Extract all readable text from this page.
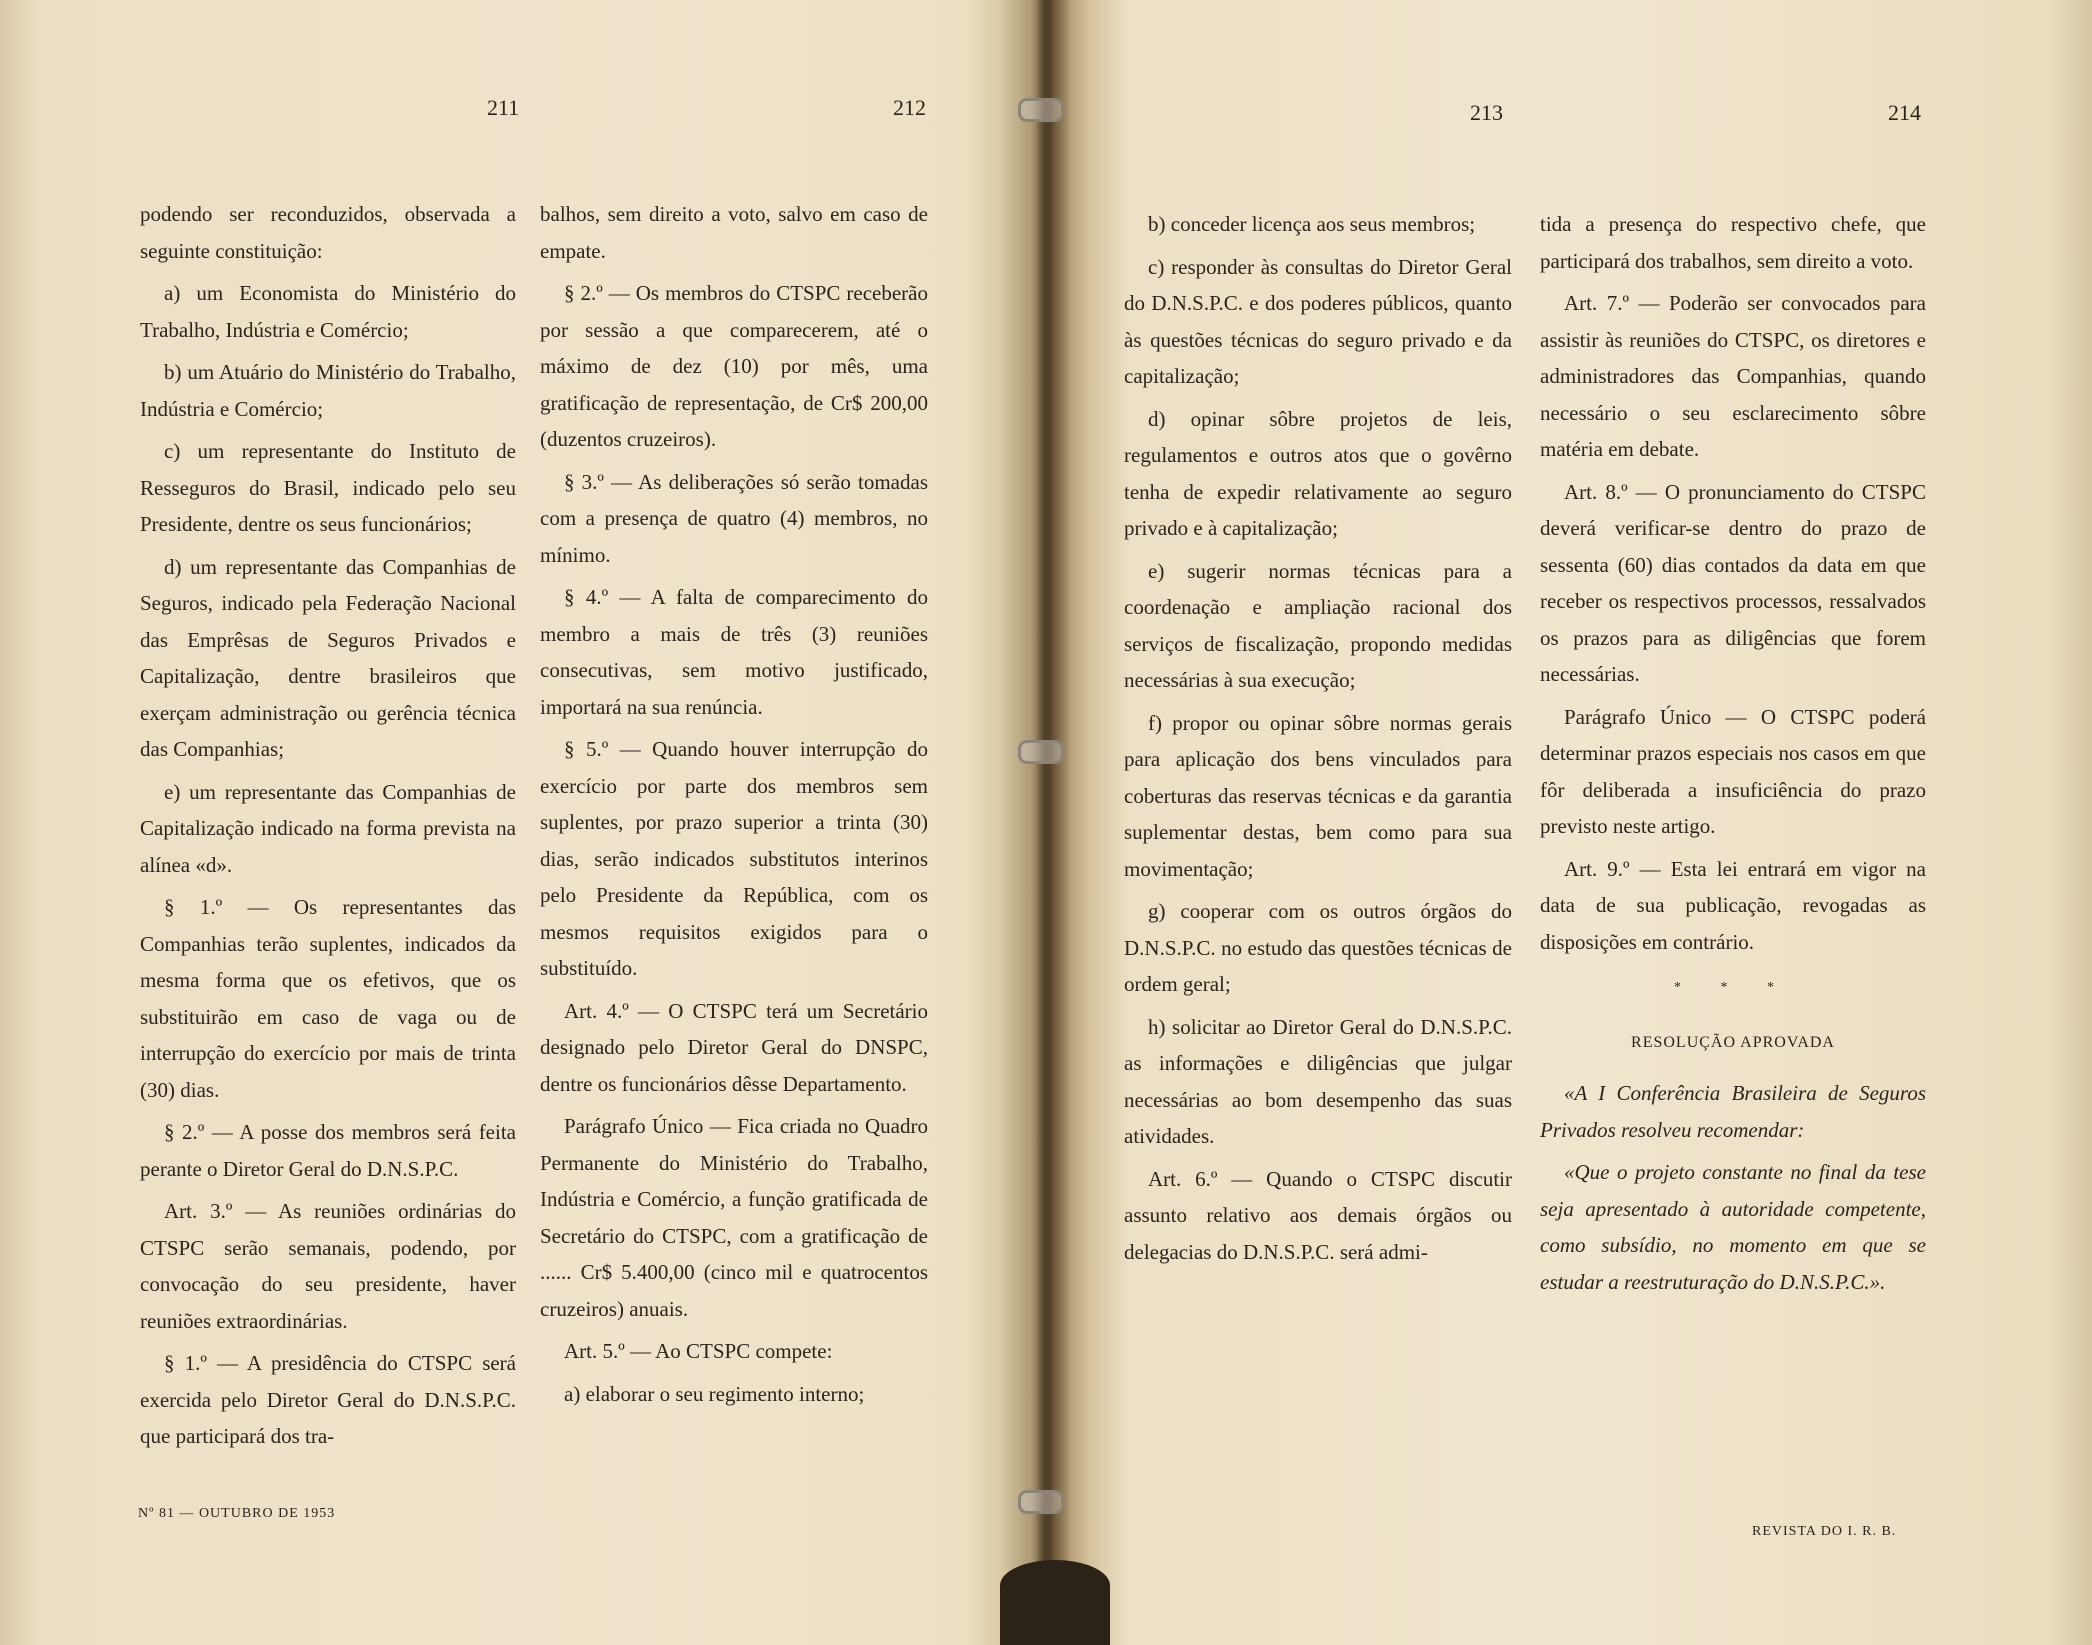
211	212	213	214

podendo ser reconduzidos, observada a seguinte constituição:

a) um Economista do Ministério do Trabalho, Indústria e Comércio;

b) um Atuário do Ministério do Trabalho, Indústria e Comércio;

c) um representante do Instituto de Resseguros do Brasil, indicado pelo seu Presidente, dentre os seus funcionários;

d) um representante das Companhias de Seguros, indicado pela Federação Nacional das Emprêsas de Seguros Privados e Capitalização, dentre brasileiros que exerçam administração ou gerência técnica das Companhias;

e) um representante das Companhias de Capitalização indicado na forma prevista na alínea «d».

§ 1.º — Os representantes das Companhias terão suplentes, indicados da mesma forma que os efetivos, que os substituirão em caso de vaga ou de interrupção do exercício por mais de trinta (30) dias.

§ 2.º — A posse dos membros será feita perante o Diretor Geral do D.N.S.P.C.

Art. 3.º — As reuniões ordinárias do CTSPC serão semanais, podendo, por convocação do seu presidente, haver reuniões extraordinárias.

§ 1.º — A presidência do CTSPC será exercida pelo Diretor Geral do D.N.S.P.C. que participará dos tra-

balhos, sem direito a voto, salvo em caso de empate.

§ 2.º — Os membros do CTSPC receberão por sessão a que comparecerem, até o máximo de dez (10) por mês, uma gratificação de representação, de Cr$ 200,00 (duzentos cruzeiros).

§ 3.º — As deliberações só serão tomadas com a presença de quatro (4) membros, no mínimo.

§ 4.º — A falta de comparecimento do membro a mais de três (3) reuniões consecutivas, sem motivo justificado, importará na sua renúncia.

§ 5.º — Quando houver interrupção do exercício por parte dos membros sem suplentes, por prazo superior a trinta (30) dias, serão indicados substitutos interinos pelo Presidente da República, com os mesmos requisitos exigidos para o substituído.

Art. 4.º — O CTSPC terá um Secretário designado pelo Diretor Geral do DNSPC, dentre os funcionários dêsse Departamento.

Parágrafo Único — Fica criada no Quadro Permanente do Ministério do Trabalho, Indústria e Comércio, a função gratificada de Secretário do CTSPC, com a gratificação de ...... Cr$ 5.400,00 (cinco mil e quatrocentos cruzeiros) anuais.

Art. 5.º — Ao CTSPC compete:

a) elaborar o seu regimento interno;

b) conceder licença aos seus membros;

c) responder às consultas do Diretor Geral do D.N.S.P.C. e dos poderes públicos, quanto às questões técnicas do seguro privado e da capitalização;

d) opinar sôbre projetos de leis, regulamentos e outros atos que o govêrno tenha de expedir relativamente ao seguro privado e à capitalização;

e) sugerir normas técnicas para a coordenação e ampliação racional dos serviços de fiscalização, propondo medidas necessárias à sua execução;

f) propor ou opinar sôbre normas gerais para aplicação dos bens vinculados para coberturas das reservas técnicas e da garantia suplementar destas, bem como para sua movimentação;

g) cooperar com os outros órgãos do D.N.S.P.C. no estudo das questões técnicas de ordem geral;

h) solicitar ao Diretor Geral do D.N.S.P.C. as informações e diligências que julgar necessárias ao bom desempenho das suas atividades.

Art. 6.º — Quando o CTSPC discutir assunto relativo aos demais órgãos ou delegacias do D.N.S.P.C. será admi-

tida a presença do respectivo chefe, que participará dos trabalhos, sem direito a voto.

Art. 7.º — Poderão ser convocados para assistir às reuniões do CTSPC, os diretores e administradores das Companhias, quando necessário o seu esclarecimento sôbre matéria em debate.

Art. 8.º — O pronunciamento do CTSPC deverá verificar-se dentro do prazo de sessenta (60) dias contados da data em que receber os respectivos processos, ressalvados os prazos para as diligências que forem necessárias.

Parágrafo Único — O CTSPC poderá determinar prazos especiais nos casos em que fôr deliberada a insuficiência do prazo previsto neste artigo.

Art. 9.º — Esta lei entrará em vigor na data de sua publicação, revogadas as disposições em contrário.

* * *
RESOLUÇÃO APROVADA

«A I Conferência Brasileira de Seguros Privados resolveu recomendar:

«Que o projeto constante no final da tese seja apresentado à autoridade competente, como subsídio, no momento em que se estudar a reestruturação do D.N.S.P.C.».

Nº 81 — OUTUBRO DE 1953
REVISTA DO I. R. B.
